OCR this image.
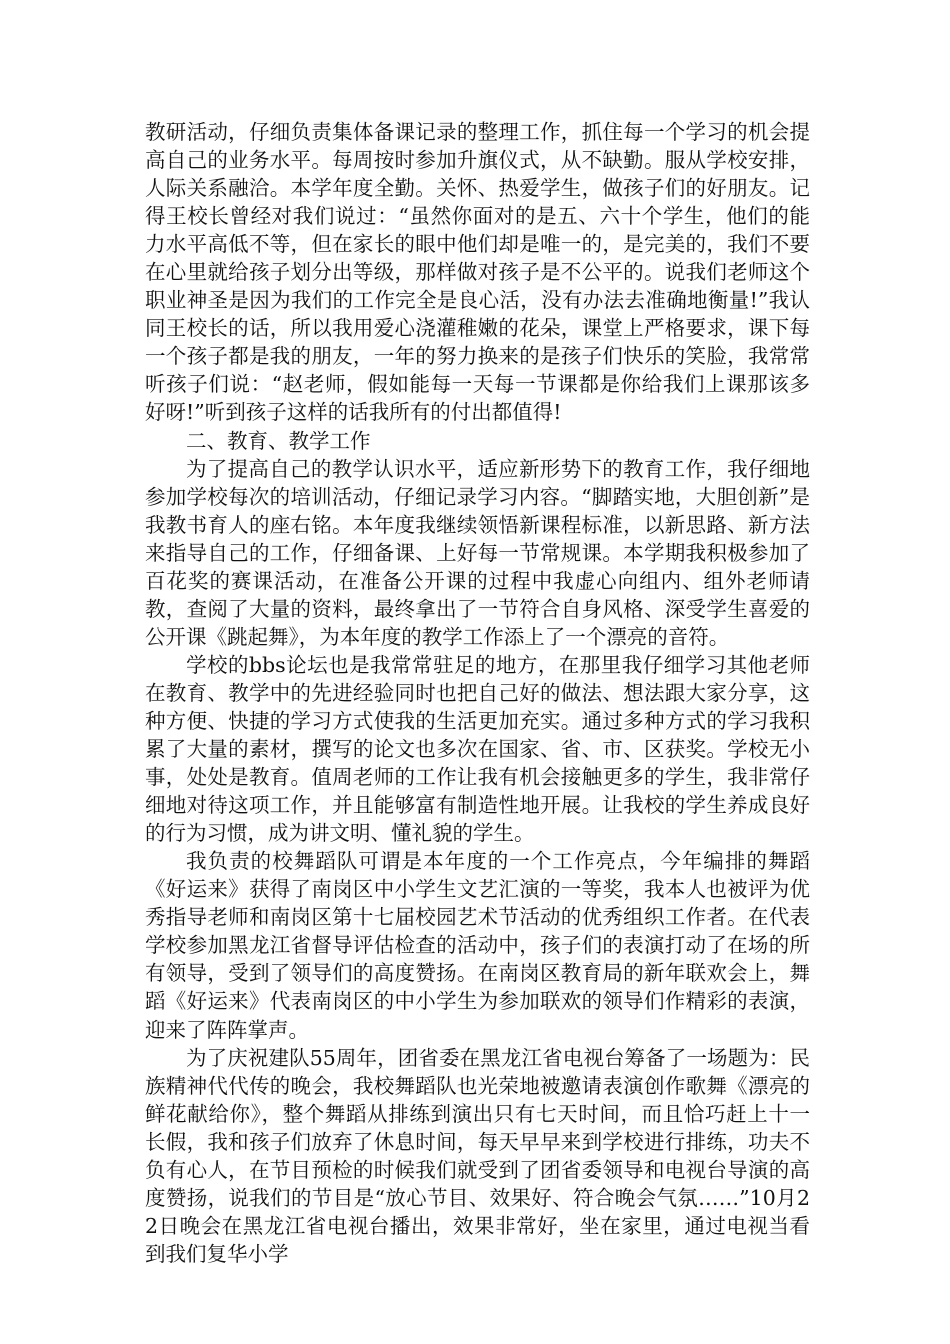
教研活动，仔细负责集体备课记录的整理工作，抓住每一个学习的机会提高自己的业务水平。每周按时参加升旗仪式，从不缺勤。服从学校安排，人际关系融洽。本学年度全勤。关怀、热爱学生，做孩子们的好朋友。记得王校长曾经对我们说过：“虽然你面对的是五、六十个学生，他们的能力水平高低不等，但在家长的眼中他们却是唯一的，是完美的，我们不要在心里就给孩子划分出等级，那样做对孩子是不公平的。说我们老师这个职业神圣是因为我们的工作完全是良心活，没有办法去准确地衡量!”我认同王校长的话，所以我用爱心浇灌稚嫩的花朵，课堂上严格要求，课下每一个孩子都是我的朋友，一年的努力换来的是孩子们快乐的笑脸，我常常听孩子们说：“赵老师，假如能每一天每一节课都是你给我们上课那该多好呀!”听到孩子这样的话我所有的付出都值得!

二、教育、教学工作

为了提高自己的教学认识水平，适应新形势下的教育工作，我仔细地参加学校每次的培训活动，仔细记录学习内容。“脚踏实地，大胆创新”是我教书育人的座右铭。本年度我继续领悟新课程标准，以新思路、新方法来指导自己的工作，仔细备课、上好每一节常规课。本学期我积极参加了百花奖的赛课活动，在准备公开课的过程中我虚心向组内、组外老师请教，查阅了大量的资料，最终拿出了一节符合自身风格、深受学生喜爱的公开课《跳起舞》，为本年度的教学工作添上了一个漂亮的音符。

学校的bbs论坛也是我常常驻足的地方，在那里我仔细学习其他老师在教育、教学中的先进经验同时也把自己好的做法、想法跟大家分享，这种方便、快捷的学习方式使我的生活更加充实。通过多种方式的学习我积累了大量的素材，撰写的论文也多次在国家、省、市、区获奖。学校无小事，处处是教育。值周老师的工作让我有机会接触更多的学生，我非常仔细地对待这项工作，并且能够富有制造性地开展。让我校的学生养成良好的行为习惯，成为讲文明、懂礼貌的学生。

我负责的校舞蹈队可谓是本年度的一个工作亮点，今年编排的舞蹈《好运来》获得了南岗区中小学生文艺汇演的一等奖，我本人也被评为优秀指导老师和南岗区第十七届校园艺术节活动的优秀组织工作者。在代表学校参加黑龙江省督导评估检查的活动中，孩子们的表演打动了在场的所有领导，受到了领导们的高度赞扬。在南岗区教育局的新年联欢会上，舞蹈《好运来》代表南岗区的中小学生为参加联欢的领导们作精彩的表演，迎来了阵阵掌声。

为了庆祝建队55周年，团省委在黑龙江省电视台筹备了一场题为：民族精神代代传的晚会，我校舞蹈队也光荣地被邀请表演创作歌舞《漂亮的鲜花献给你》，整个舞蹈从排练到演出只有七天时间，而且恰巧赶上十一长假，我和孩子们放弃了休息时间，每天早早来到学校进行排练，功夫不负有心人，在节目预检的时候我们就受到了团省委领导和电视台导演的高度赞扬，说我们的节目是“放心节目、效果好、符合晚会气氛……”10月22日晚会在黑龙江省电视台播出，效果非常好，坐在家里，通过电视当看到我们复华小学
